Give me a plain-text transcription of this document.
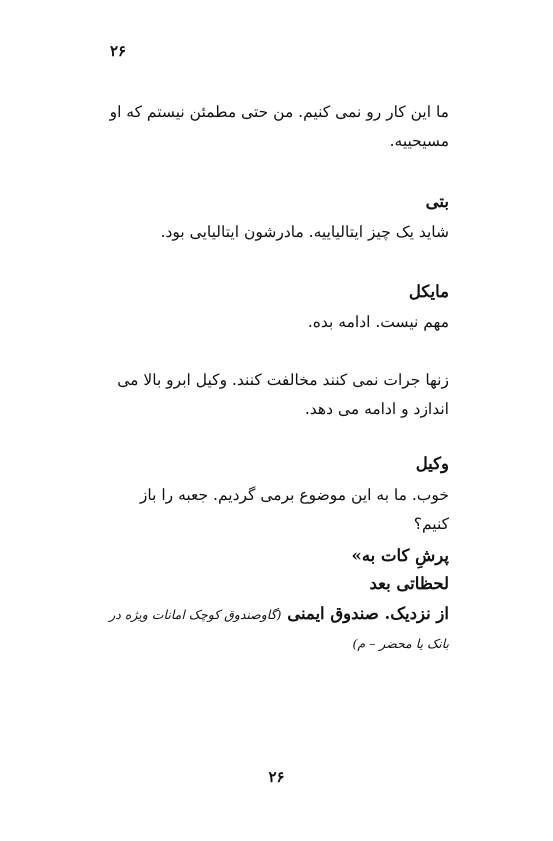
۲۶
ما این کار رو نمی کنیم. من حتی مطمئن نیستم که او مسیحییه.
بتی
شاید یک چیز ایتالیاییه. مادرشون ایتالیایی بود.
مایکل
مهم نیست. ادامه بده.
زنها جرات نمی کنند مخالفت کنند. وکیل ابرو بالا می اندازد و ادامه می دهد.
وکیل
خوب. ما به این موضوع برمی گردیم. جعبه را باز کنیم؟
پرشِ کات به»
لحظاتی بعد
از نزدیک. صندوق ایمنی (گاوصندوق کوچک امانات ویژه در بانک یا محضر – م)
۲۶
